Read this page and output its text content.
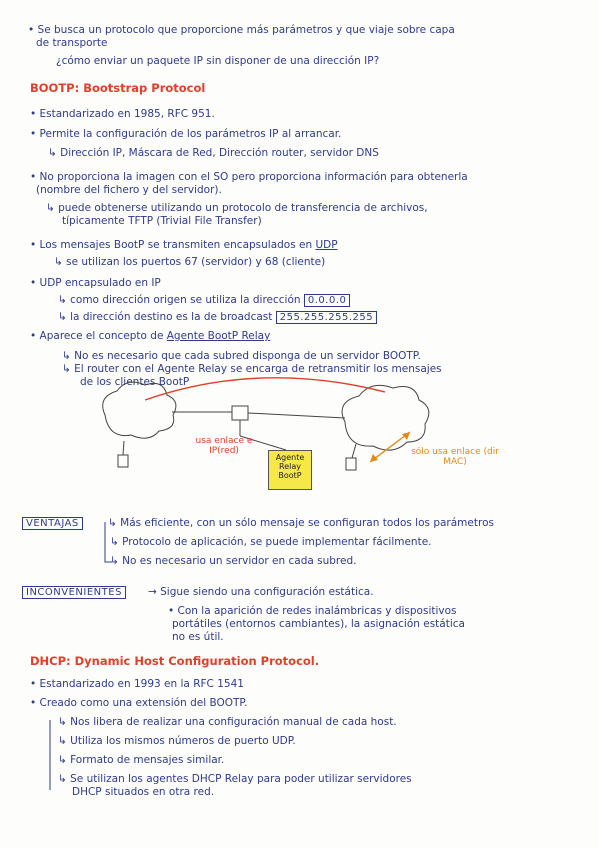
• Se busca un protocolo que proporcione más parámetros y que viaje sobre capa
de transporte
¿cómo enviar un paquete IP sin disponer de una dirección IP?
BOOTP: Bootstrap Protocol
• Estandarizado en 1985, RFC 951.
• Permite la configuración de los parámetros IP al arrancar.
↳ Dirección IP, Máscara de Red, Dirección router, servidor DNS
• No proporciona la imagen con el SO pero proporciona información para obtenerla
(nombre del fichero y del servidor).
↳ puede obtenerse utilizando un protocolo de transferencia de archivos,
típicamente TFTP (Trivial File Transfer)
• Los mensajes BootP se transmiten encapsulados en UDP
↳ se utilizan los puertos 67 (servidor) y 68 (cliente)
• UDP encapsulado en IP
↳ como dirección origen se utiliza la dirección 0.0.0.0
↳ la dirección destino es la de broadcast 255.255.255.255
• Aparece el concepto de Agente BootP Relay
↳ No es necesario que cada subred disponga de un servidor BOOTP.
↳ El router con el Agente Relay se encarga de retransmitir los mensajes
de los clientes BootP
usa enlace e IP(red)	sólo usa enlace (dir MAC)
Agente Relay BootP
VENTAJAS	↳ Más eficiente, con un sólo mensaje se configuran todos los parámetros
↳ Protocolo de aplicación, se puede implementar fácilmente.
↳ No es necesario un servidor en cada subred.
INCONVENIENTES	→ Sigue siendo una configuración estática.
• Con la aparición de redes inalámbricas y dispositivos
portátiles (entornos cambiantes), la asignación estática
no es útil.
DHCP: Dynamic Host Configuration Protocol.
• Estandarizado en 1993 en la RFC 1541
• Creado como una extensión del BOOTP.
↳ Nos libera de realizar una configuración manual de cada host.
↳ Utiliza los mismos números de puerto UDP.
↳ Formato de mensajes similar.
↳ Se utilizan los agentes DHCP Relay para poder utilizar servidores
DHCP situados en otra red.
